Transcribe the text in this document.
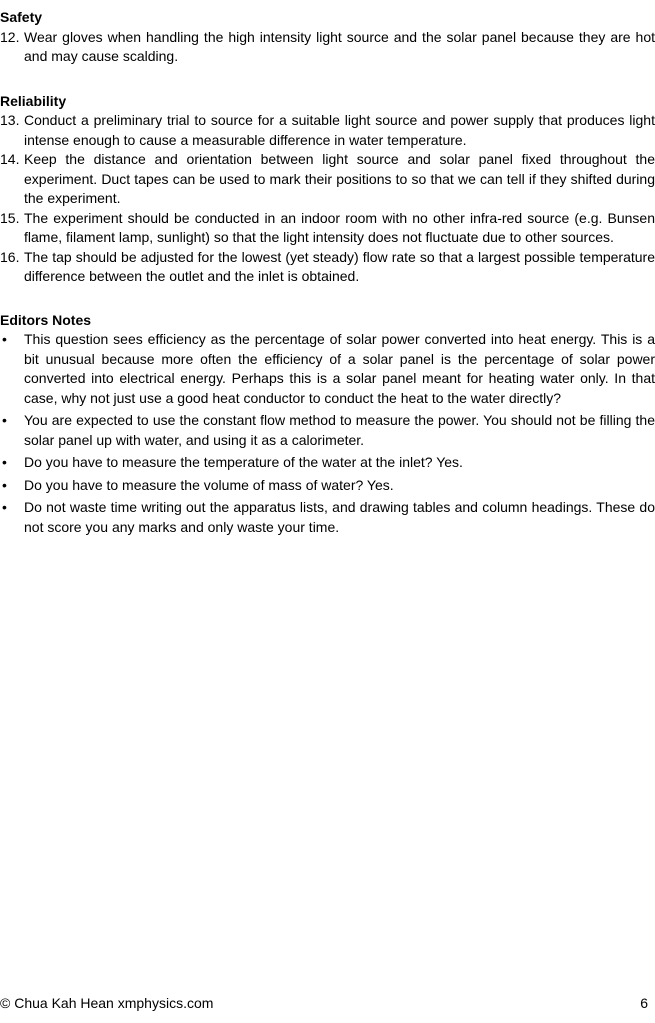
Safety
12. Wear gloves when handling the high intensity light source and the solar panel because they are hot and may cause scalding.
Reliability
13. Conduct a preliminary trial to source for a suitable light source and power supply that produces light intense enough to cause a measurable difference in water temperature.
14. Keep the distance and orientation between light source and solar panel fixed throughout the experiment. Duct tapes can be used to mark their positions to so that we can tell if they shifted during the experiment.
15. The experiment should be conducted in an indoor room with no other infra-red source (e.g. Bunsen flame, filament lamp, sunlight) so that the light intensity does not fluctuate due to other sources.
16. The tap should be adjusted for the lowest (yet steady) flow rate so that a largest possible temperature difference between the outlet and the inlet is obtained.
Editors Notes
• This question sees efficiency as the percentage of solar power converted into heat energy. This is a bit unusual because more often the efficiency of a solar panel is the percentage of solar power converted into electrical energy. Perhaps this is a solar panel meant for heating water only. In that case, why not just use a good heat conductor to conduct the heat to the water directly?
• You are expected to use the constant flow method to measure the power. You should not be filling the solar panel up with water, and using it as a calorimeter.
• Do you have to measure the temperature of the water at the inlet? Yes.
• Do you have to measure the volume of mass of water? Yes.
• Do not waste time writing out the apparatus lists, and drawing tables and column headings. These do not score you any marks and only waste your time.
© Chua Kah Hean xmphysics.com	6
